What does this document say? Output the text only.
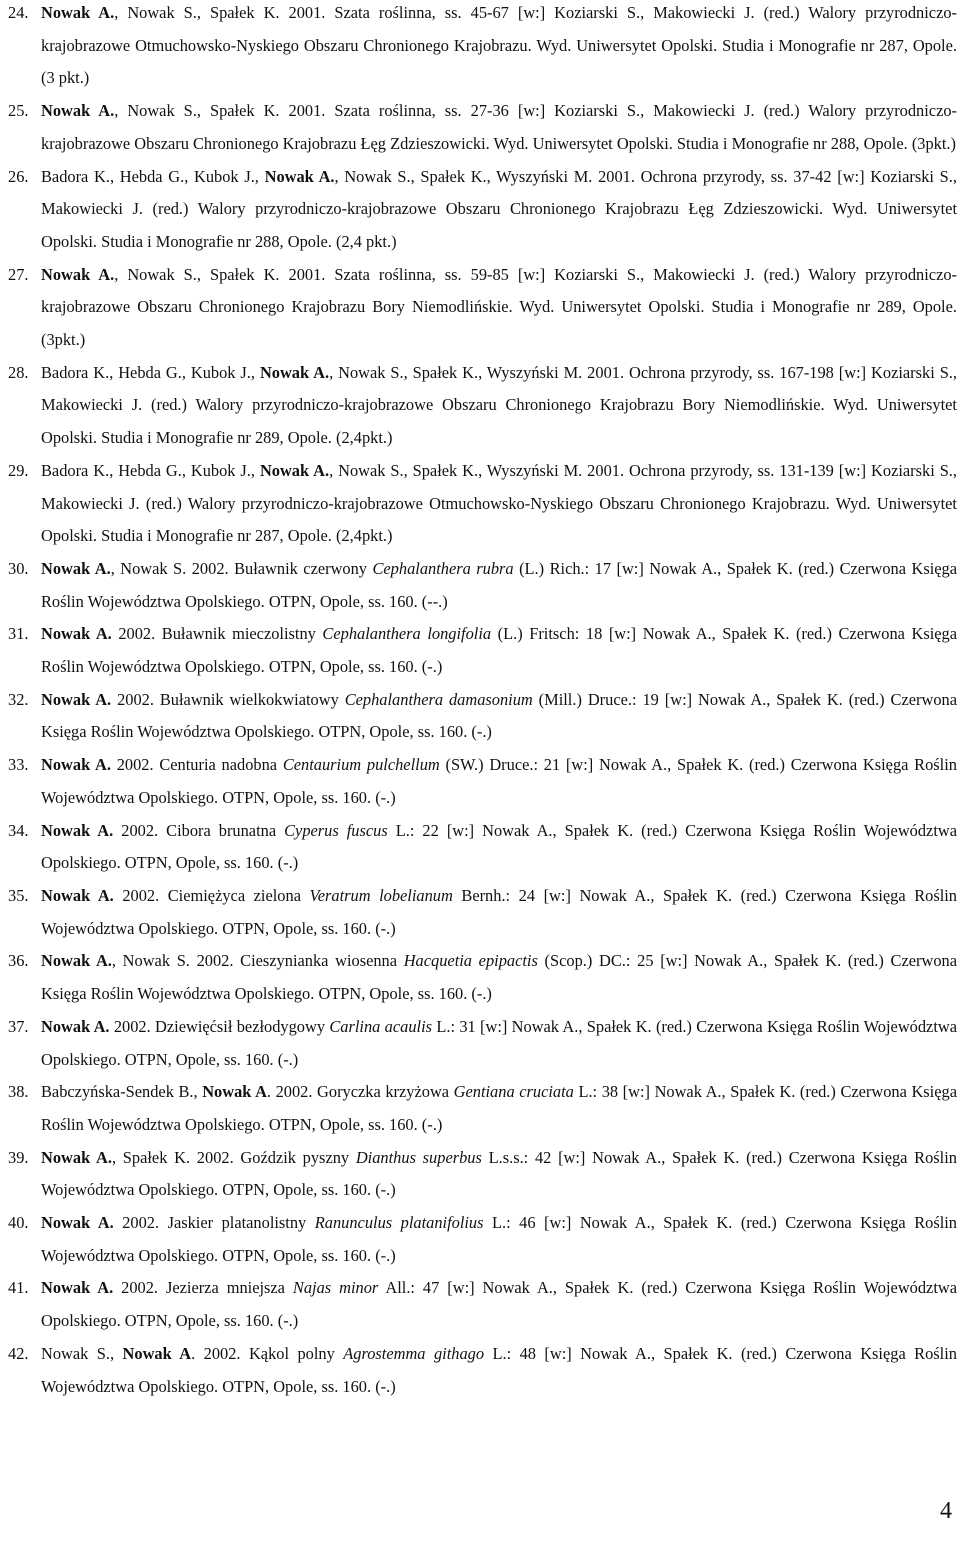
24. Nowak A., Nowak S., Spałek K. 2001. Szata roślinna, ss. 45-67 [w:] Koziarski S., Makowiecki J. (red.) Walory przyrodniczo-krajobrazowe Otmuchowsko-Nyskiego Obszaru Chronionego Krajobrazu. Wyd. Uniwersytet Opolski. Studia i Monografie nr 287, Opole. (3 pkt.)
25. Nowak A., Nowak S., Spałek K. 2001. Szata roślinna, ss. 27-36 [w:] Koziarski S., Makowiecki J. (red.) Walory przyrodniczo-krajobrazowe Obszaru Chronionego Krajobrazu Łęg Zdzieszowicki. Wyd. Uniwersytet Opolski. Studia i Monografie nr 288, Opole. (3pkt.)
26. Badora K., Hebda G., Kubok J., Nowak A., Nowak S., Spałek K., Wyszyński M. 2001. Ochrona przyrody, ss. 37-42 [w:] Koziarski S., Makowiecki J. (red.) Walory przyrodniczo-krajobrazowe Obszaru Chronionego Krajobrazu Łęg Zdzieszowicki. Wyd. Uniwersytet Opolski. Studia i Monografie nr 288, Opole. (2,4 pkt.)
27. Nowak A., Nowak S., Spałek K. 2001. Szata roślinna, ss. 59-85 [w:] Koziarski S., Makowiecki J. (red.) Walory przyrodniczo-krajobrazowe Obszaru Chronionego Krajobrazu Bory Niemodlińskie. Wyd. Uniwersytet Opolski. Studia i Monografie nr 289, Opole. (3pkt.)
28. Badora K., Hebda G., Kubok J., Nowak A., Nowak S., Spałek K., Wyszyński M. 2001. Ochrona przyrody, ss. 167-198 [w:] Koziarski S., Makowiecki J. (red.) Walory przyrodniczo-krajobrazowe Obszaru Chronionego Krajobrazu Bory Niemodlińskie. Wyd. Uniwersytet Opolski. Studia i Monografie nr 289, Opole. (2,4pkt.)
29. Badora K., Hebda G., Kubok J., Nowak A., Nowak S., Spałek K., Wyszyński M. 2001. Ochrona przyrody, ss. 131-139 [w:] Koziarski S., Makowiecki J. (red.) Walory przyrodniczo-krajobrazowe Otmuchowsko-Nyskiego Obszaru Chronionego Krajobrazu. Wyd. Uniwersytet Opolski. Studia i Monografie nr 287, Opole. (2,4pkt.)
30. Nowak A., Nowak S. 2002. Buławnik czerwony Cephalanthera rubra (L.) Rich.: 17 [w:] Nowak A., Spałek K. (red.) Czerwona Księga Roślin Województwa Opolskiego. OTPN, Opole, ss. 160. (--.)
31. Nowak A. 2002. Buławnik mieczolistny Cephalanthera longifolia (L.) Fritsch: 18 [w:] Nowak A., Spałek K. (red.) Czerwona Księga Roślin Województwa Opolskiego. OTPN, Opole, ss. 160. (-.)
32. Nowak A. 2002. Buławnik wielkokwiatowy Cephalanthera damasonium (Mill.) Druce.: 19 [w:] Nowak A., Spałek K. (red.) Czerwona Księga Roślin Województwa Opolskiego. OTPN, Opole, ss. 160. (-.)
33. Nowak A. 2002. Centuria nadobna Centaurium pulchellum (SW.) Druce.: 21 [w:] Nowak A., Spałek K. (red.) Czerwona Księga Roślin Województwa Opolskiego. OTPN, Opole, ss. 160. (-.)
34. Nowak A. 2002. Cibora brunatna Cyperus fuscus L.: 22 [w:] Nowak A., Spałek K. (red.) Czerwona Księga Roślin Województwa Opolskiego. OTPN, Opole, ss. 160. (-.)
35. Nowak A. 2002. Ciemiężyca zielona Veratrum lobelianum Bernh.: 24 [w:] Nowak A., Spałek K. (red.) Czerwona Księga Roślin Województwa Opolskiego. OTPN, Opole, ss. 160. (-.)
36. Nowak A., Nowak S. 2002. Cieszynianka wiosenna Hacquetia epipactis (Scop.) DC.: 25 [w:] Nowak A., Spałek K. (red.) Czerwona Księga Roślin Województwa Opolskiego. OTPN, Opole, ss. 160. (-.)
37. Nowak A. 2002. Dziewięćsił bezłodygowy Carlina acaulis L.: 31 [w:] Nowak A., Spałek K. (red.) Czerwona Księga Roślin Województwa Opolskiego. OTPN, Opole, ss. 160. (-.)
38. Babczyńska-Sendek B., Nowak A. 2002. Goryczka krzyżowa Gentiana cruciata L.: 38 [w:] Nowak A., Spałek K. (red.) Czerwona Księga Roślin Województwa Opolskiego. OTPN, Opole, ss. 160. (-.)
39. Nowak A., Spałek K. 2002. Goździk pyszny Dianthus superbus L.s.s.: 42 [w:] Nowak A., Spałek K. (red.) Czerwona Księga Roślin Województwa Opolskiego. OTPN, Opole, ss. 160. (-.)
40. Nowak A. 2002. Jaskier platanolistny Ranunculus platanifolius L.: 46 [w:] Nowak A., Spałek K. (red.) Czerwona Księga Roślin Województwa Opolskiego. OTPN, Opole, ss. 160. (-.)
41. Nowak A. 2002. Jezierza mniejsza Najas minor All.: 47 [w:] Nowak A., Spałek K. (red.) Czerwona Księga Roślin Województwa Opolskiego. OTPN, Opole, ss. 160. (-.)
42. Nowak S., Nowak A. 2002. Kąkol polny Agrostemma githago L.: 48 [w:] Nowak A., Spałek K. (red.) Czerwona Księga Roślin Województwa Opolskiego. OTPN, Opole, ss. 160. (-.)
4
